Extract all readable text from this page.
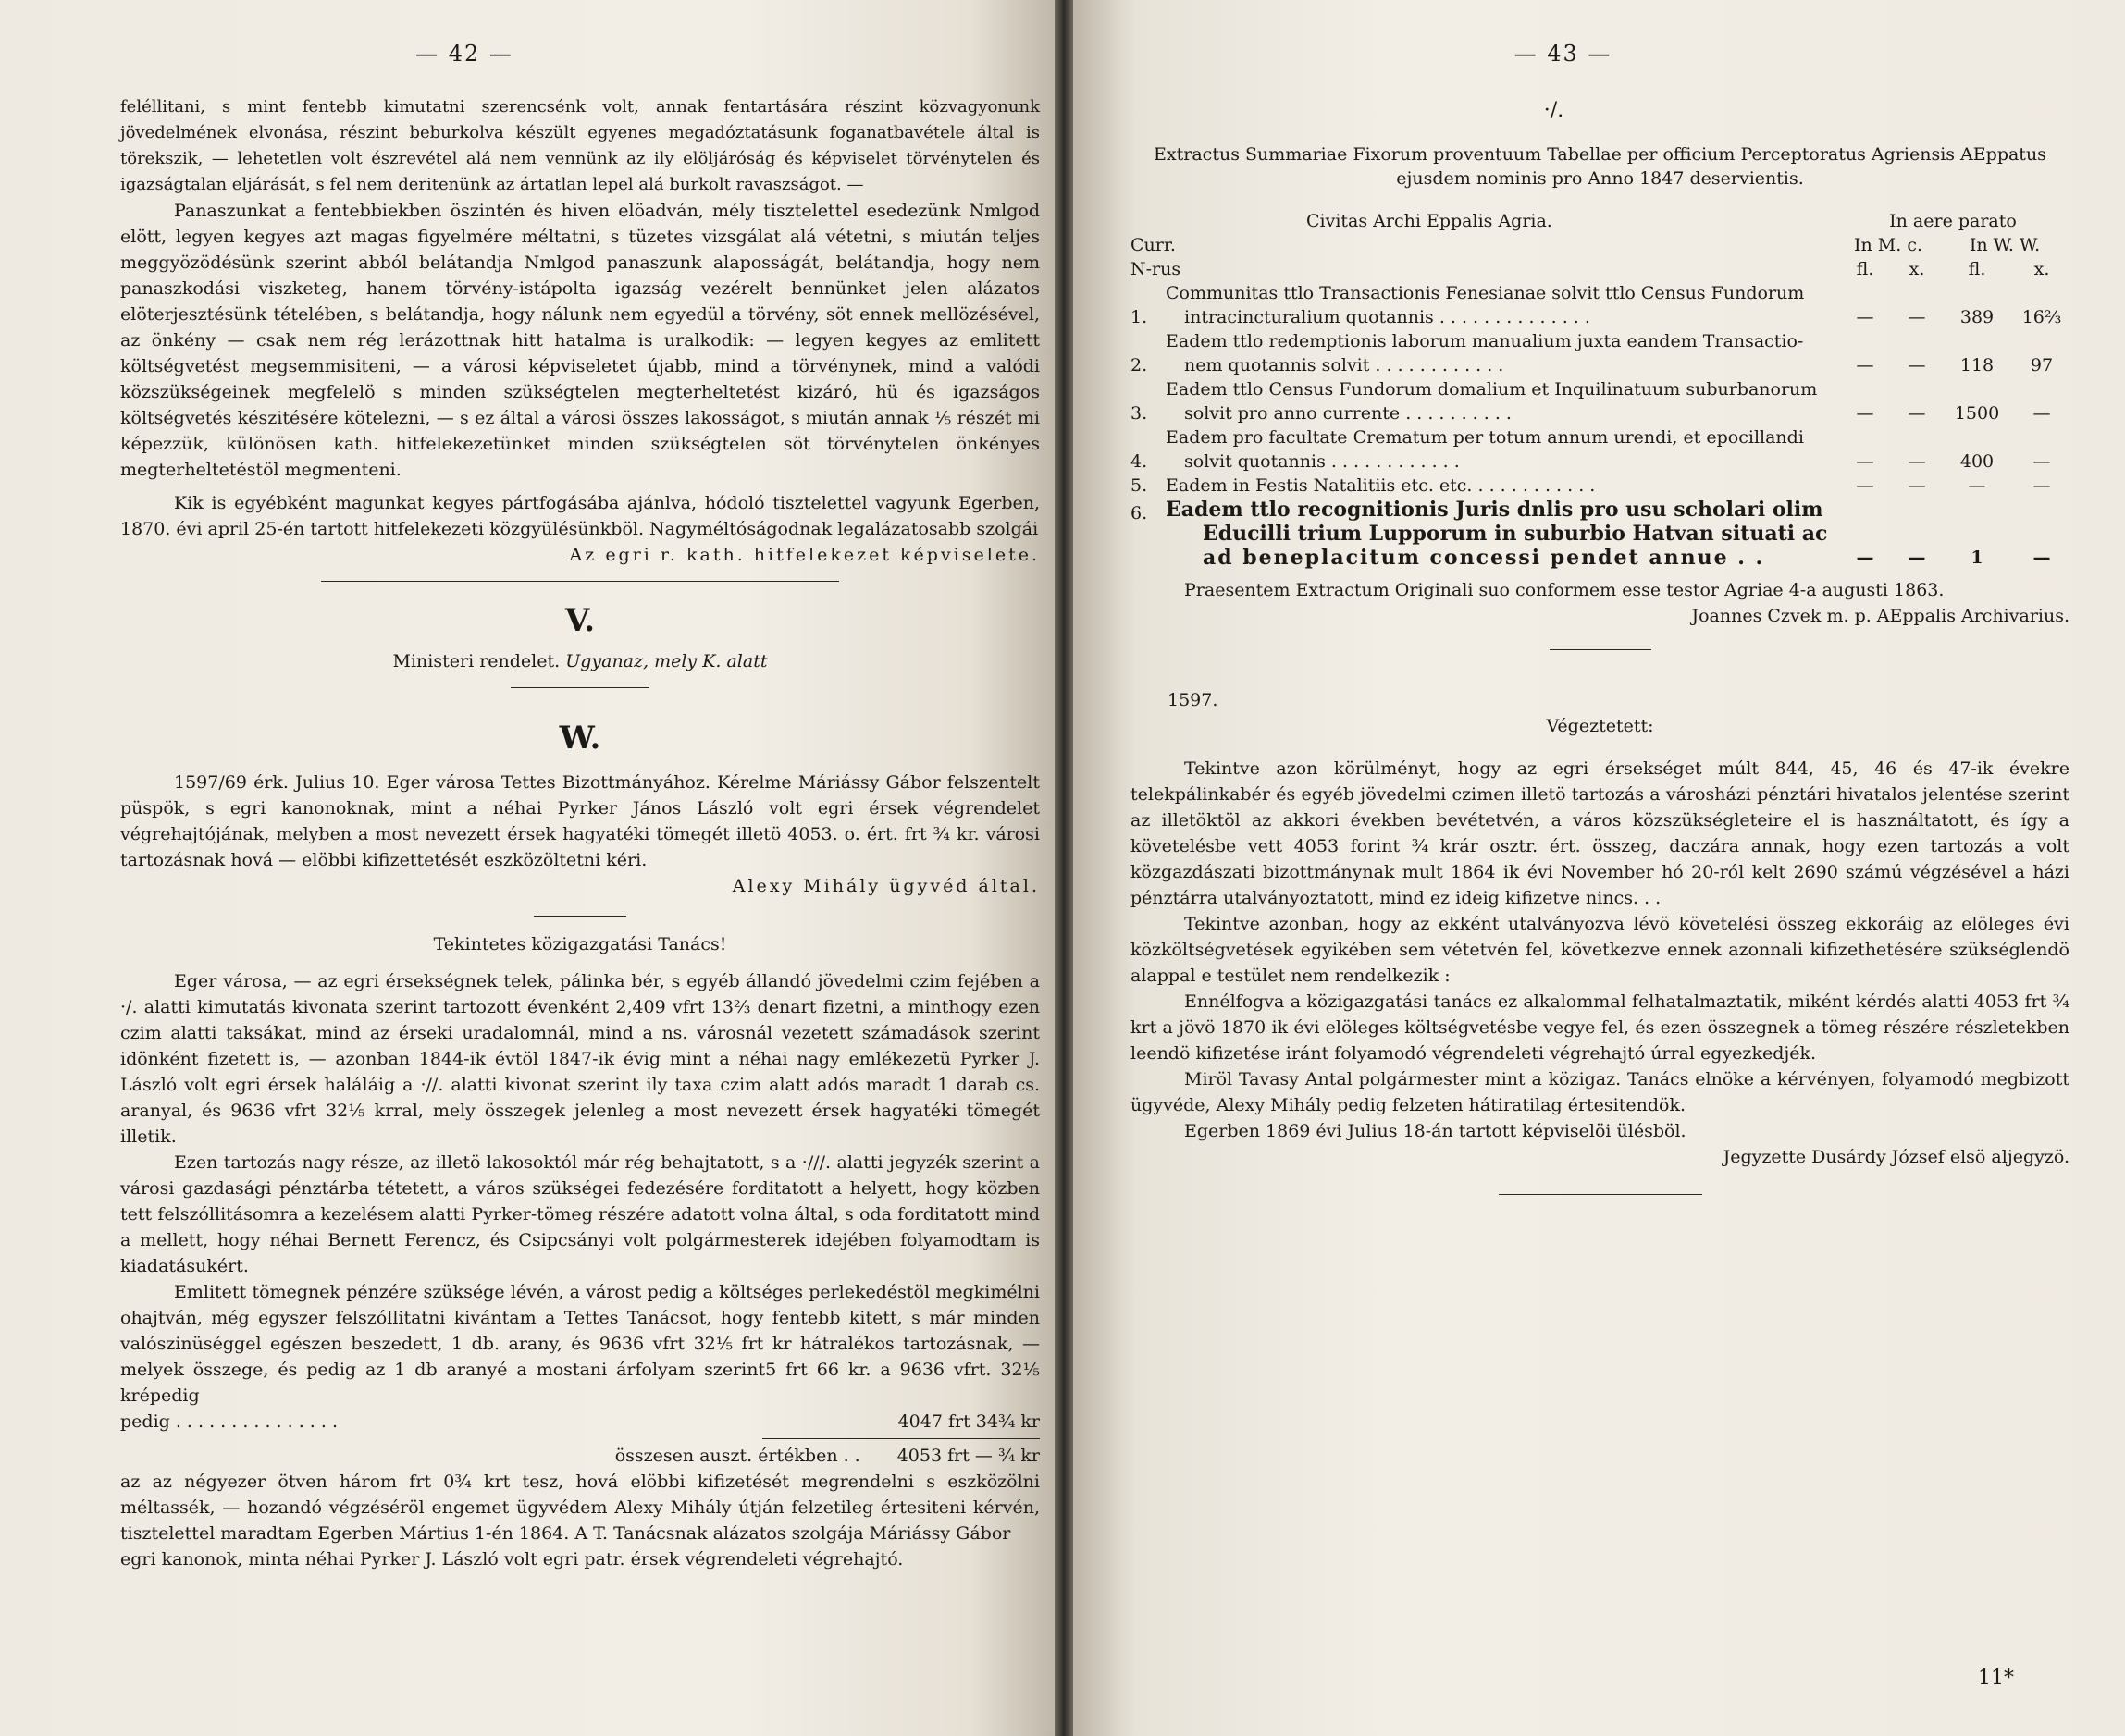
— 42 —

feléllitani, s mint fentebb kimutatni szerencsénk volt, annak fentartására részint közvagyonunk jövedelmének elvonása, részint beburkolva készült egyenes megadóztatásunk foganatbavétele által is törekszik, — lehetetlen volt észrevétel alá nem vennünk az ily elöljáróság és képviselet törvénytelen és igazságtalan eljárását, s fel nem deritenünk az ártatlan lepel alá burkolt ravaszságot. —

Panaszunkat a fentebbiekben öszintén és hiven elöadván, mély tisztelettel esedezünk Nmlgod elött, legyen kegyes azt magas figyelmére méltatni, s tüzetes vizsgálat alá vétetni, s miután teljes meggyözödésünk szerint abból belátandja Nmlgod panaszunk alaposságát, belátandja, hogy nem panaszkodási viszketeg, hanem törvény-istápolta igazság vezérelt bennünket jelen alázatos elöterjesztésünk tételében, s belátandja, hogy nálunk nem egyedül a törvény, söt ennek mellözésével, az önkény — csak nem rég lerázottnak hitt hatalma is uralkodik: — legyen kegyes az emlitett költségvetést megsemmisiteni, — a városi képviseletet újabb, mind a törvénynek, mind a valódi közszükségeinek megfelelö s minden szükségtelen megterheltetést kizáró, hü és igazságos költségvetés készitésére kötelezni, — s ez által a városi összes lakosságot, s miután annak ⅕ részét mi képezzük, különösen kath. hitfelekezetünket minden szükségtelen söt törvénytelen önkényes megterheltetéstöl megmenteni.

Kik is egyébként magunkat kegyes pártfogásába ajánlva, hódoló tisztelettel vagyunk Egerben, 1870. évi april 25-én tartott hitfelekezeti közgyülésünkböl. Nagyméltóságodnak legalázatosabb szolgái

Az egri r. kath. hitfelekezet képviselete.

V.

Ministeri rendelet. Ugyanaz, mely K. alatt

W.

1597/69 érk. Julius 10. Eger városa Tettes Bizottmányához. Kérelme Máriássy Gábor felszentelt püspök, s egri kanonoknak, mint a néhai Pyrker János László volt egri érsek végrendelet végrehajtójának, melyben a most nevezett érsek hagyatéki tömegét illetö 4053. o. ért. frt ¾ kr. városi tartozásnak hová — elöbbi kifizettetését eszközöltetni kéri.

Alexy Mihály ügyvéd által.

Tekintetes közigazgatási Tanács!

Eger városa, — az egri érsekségnek telek, pálinka bér, s egyéb állandó jövedelmi czim fejében a ·/. alatti kimutatás kivonata szerint tartozott évenként 2,409 vfrt 13⅔ denart fizetni, a minthogy ezen czim alatti taksákat, mind az érseki uradalomnál, mind a ns. városnál vezetett számadások szerint idönként fizetett is, — azonban 1844-ik évtöl 1847-ik évig mint a néhai nagy emlékezetü Pyrker J. László volt egri érsek haláláig a ·//. alatti kivonat szerint ily taxa czim alatt adós maradt 1 darab cs. aranyal, és 9636 vfrt 32⅕ krral, mely összegek jelenleg a most nevezett érsek hagyatéki tömegét illetik.

Ezen tartozás nagy része, az illetö lakosoktól már rég behajtatott, s a ·///. alatti jegyzék szerint a városi gazdasági pénztárba tétetett, a város szükségei fedezésére forditatott a helyett, hogy közben tett felszóllitásomra a kezelésem alatti Pyrker-tömeg részére adatott volna által, s oda forditatott mind a mellett, hogy néhai Bernett Ferencz, és Csipcsányi volt polgármesterek idejében folyamodtam is kiadatásukért.

Emlitett tömegnek pénzére szüksége lévén, a várost pedig a költséges perlekedéstöl megkimélni ohajtván, még egyszer felszóllitatni kivántam a Tettes Tanácsot, hogy fentebb kitett, s már minden valószinüséggel egészen beszedett, 1 db. arany, és 9636 vfrt 32⅕ frt kr hátralékos tartozásnak, — melyek összege, és pedig az 1 db aranyé a mostani árfolyam szerint5 frt 66 kr. a 9636 vfrt. 32⅕ krépedig

pedig . . . . . . . . . . . . . . .	4047 frt 34¾ kr
összesen auszt. értékben . . 4053 frt — ¾ kr

az az négyezer ötven három frt 0¾ krt tesz, hová elöbbi kifizetését megrendelni s eszközölni méltassék, — hozandó végzéséröl engemet ügyvédem Alexy Mihály útján felzetileg értesiteni kérvén, tisztelettel maradtam Egerben Mártius 1-én 1864. A T. Tanácsnak alázatos szolgája Máriássy Gábor

egri kanonok, minta néhai Pyrker J. László volt egri patr. érsek végrendeleti végrehajtó.

— 43 —

·/.

Extractus Summariae Fixorum proventuum Tabellae per officium Perceptoratus Agriensis AEppatus

ejusdem nominis pro Anno 1847 deservientis.

Civitas Archi Eppalis Agria.		In aere parato			
Curr.		In M. c.		In W. W.	
N-rus		fl.	x.	fl.	x.
1.	Communitas ttlo Transactionis Fenesianae solvit ttlo Census Fundorum
intracincturalium quotannis . . . . . . . . . . . . . .	—	—	389	16⅔
2.	Eadem ttlo redemptionis laborum manualium juxta eandem Transactio-
nem quotannis solvit . . . . . . . . . . . .	—	—	118	97
3.	Eadem ttlo Census Fundorum domalium et Inquilinatuum suburbanorum
solvit pro anno currente . . . . . . . . . .	—	—	1500	—
4.	Eadem pro facultate Crematum per totum annum urendi, et epocillandi
solvit quotannis . . . . . . . . . . . .	—	—	400	—
5.	Eadem in Festis Natalitiis etc. etc. . . . . . . . . . . .	—	—	—	—
6.	Eadem ttlo recognitionis Juris dnlis pro usu scholari olim
Educilli trium Lupporum in suburbio Hatvan situati ac
ad beneplacitum concessi pendet annue . .	—	—	1	—

Praesentem Extractum Originali suo conformem esse testor Agriae 4-a augusti 1863.

Joannes Czvek m. p. AEppalis Archivarius.

1597.

Végeztetett:

Tekintve azon körülményt, hogy az egri érsekséget múlt 844, 45, 46 és 47-ik évekre telekpálinkabér és egyéb jövedelmi czimen illetö tartozás a városházi pénztári hivatalos jelentése szerint az illetöktöl az akkori években bevétetvén, a város közszükségleteire el is használtatott, és így a követelésbe vett 4053 forint ¾ krár osztr. ért. összeg, daczára annak, hogy ezen tartozás a volt közgazdászati bizottmánynak mult 1864 ik évi November hó 20-ról kelt 2690 számú végzésével a házi pénztárra utalványoztatott, mind ez ideig kifizetve nincs. . .

Tekintve azonban, hogy az ekként utalványozva lévö követelési összeg ekkoráig az elöleges évi közköltségvetések egyikében sem vétetvén fel, következve ennek azonnali kifizethetésére szükséglendö alappal e testület nem rendelkezik :

Ennélfogva a közigazgatási tanács ez alkalommal felhatalmaztatik, miként kérdés alatti 4053 frt ¾ krt a jövö 1870 ik évi elöleges költségvetésbe vegye fel, és ezen összegnek a tömeg részére részletekben leendö kifizetése iránt folyamodó végrendeleti végrehajtó úrral egyezkedjék.

Miröl Tavasy Antal polgármester mint a közigaz. Tanács elnöke a kérvényen, folyamodó megbizott ügyvéde, Alexy Mihály pedig felzeten hátiratilag értesitendök.

Egerben 1869 évi Julius 18-án tartott képviselöi ülésböl.

Jegyzette Dusárdy József elsö aljegyzö.

11*
